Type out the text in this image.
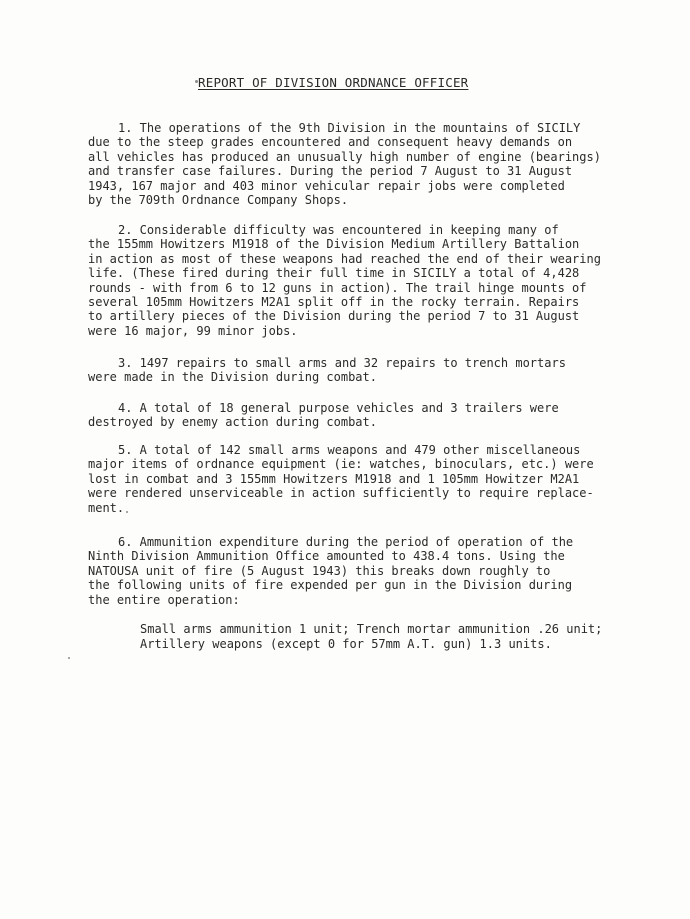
REPORT OF DIVISION ORDNANCE OFFICER
1. The operations of the 9th Division in the mountains of SICILY
due to the steep grades encountered and consequent heavy demands on
all vehicles has produced an unusually high number of engine (bearings)
and transfer case failures. During the period 7 August to 31 August
1943, 167 major and 403 minor vehicular repair jobs were completed
by the 709th Ordnance Company Shops.
2. Considerable difficulty was encountered in keeping many of
the 155mm Howitzers M1918 of the Division Medium Artillery Battalion
in action as most of these weapons had reached the end of their wearing
life. (These fired during their full time in SICILY a total of 4,428
rounds - with from 6 to 12 guns in action). The trail hinge mounts of
several 105mm Howitzers M2A1 split off in the rocky terrain. Repairs
to artillery pieces of the Division during the period 7 to 31 August
were 16 major, 99 minor jobs.
3. 1497 repairs to small arms and 32 repairs to trench mortars
were made in the Division during combat.
4. A total of 18 general purpose vehicles and 3 trailers were
destroyed by enemy action during combat.
5. A total of 142 small arms weapons and 479 other miscellaneous
major items of ordnance equipment (ie: watches, binoculars, etc.) were
lost in combat and 3 155mm Howitzers M1918 and 1 105mm Howitzer M2A1
were rendered unserviceable in action sufficiently to require replace-
ment.
6. Ammunition expenditure during the period of operation of the
Ninth Division Ammunition Office amounted to 438.4 tons. Using the
NATOUSA unit of fire (5 August 1943) this breaks down roughly to
the following units of fire expended per gun in the Division during
the entire operation:
Small arms ammunition 1 unit; Trench mortar ammunition .26 unit;
Artillery weapons (except 0 for 57mm A.T. gun) 1.3 units.
